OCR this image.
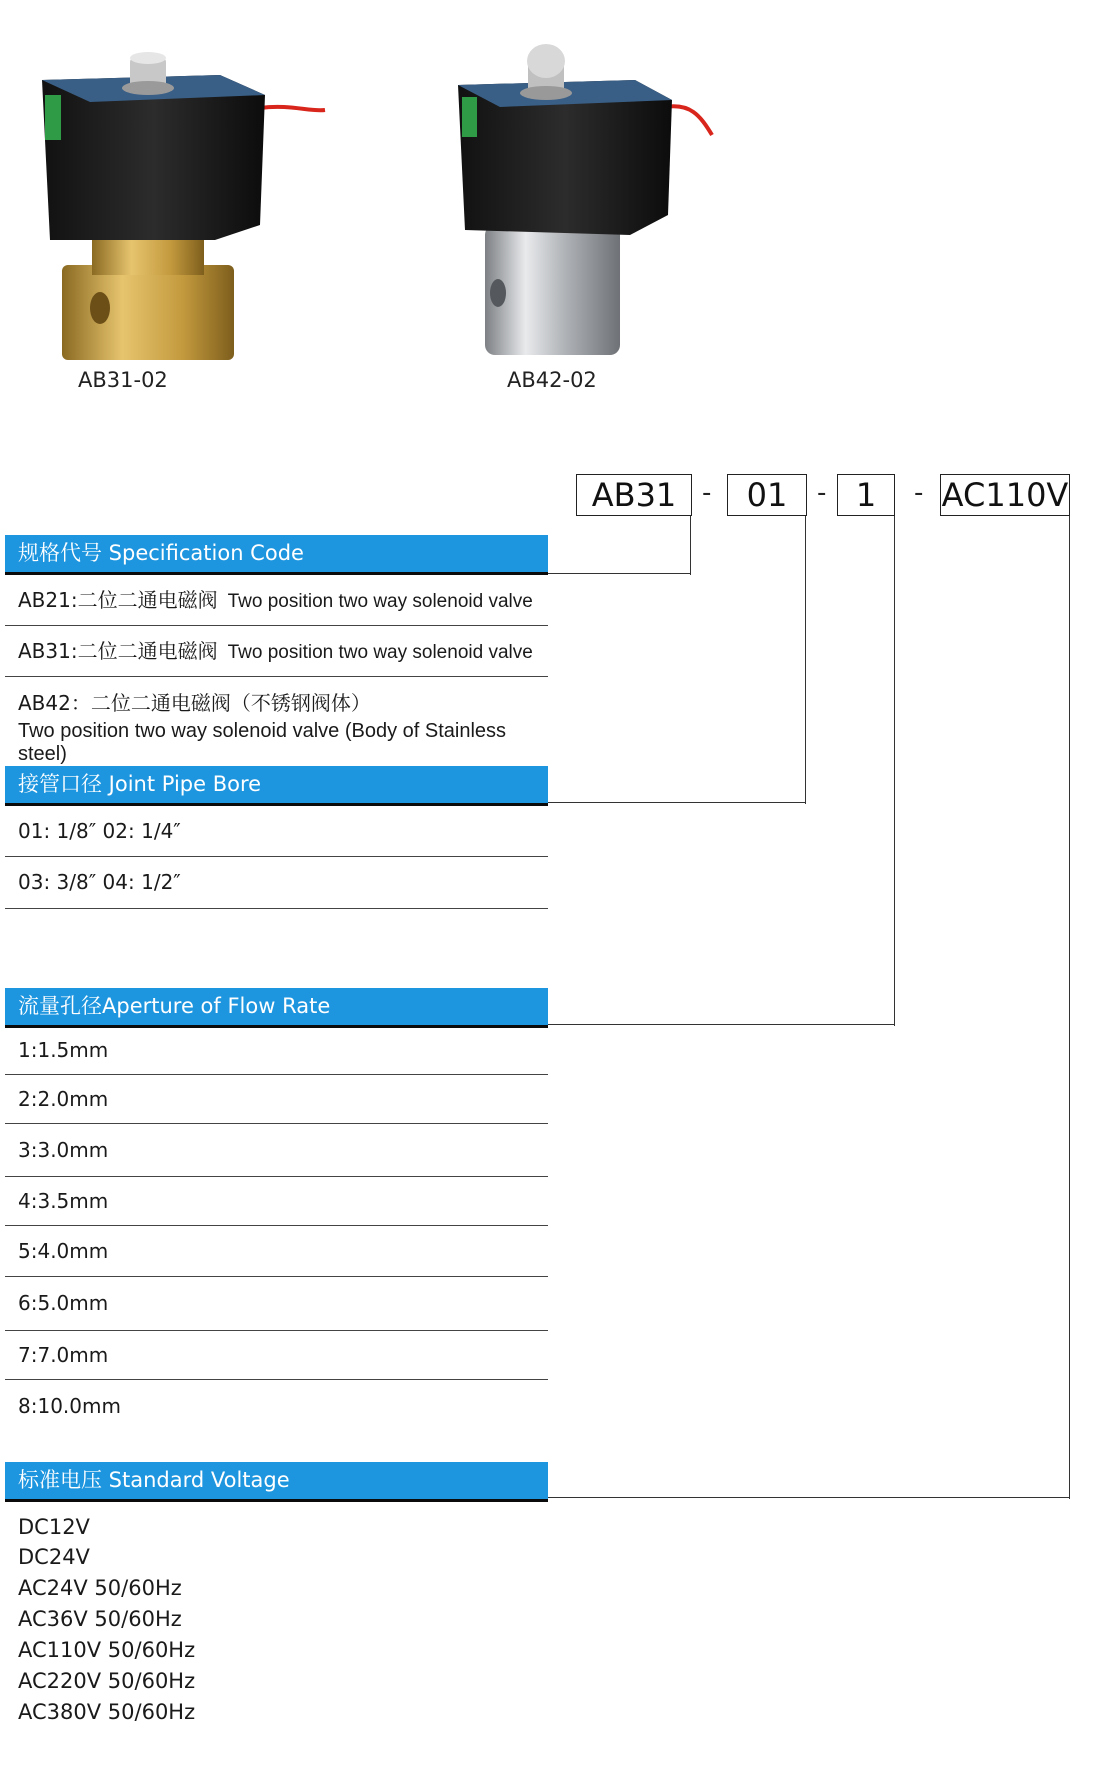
AB31-02	AB42-02
AB31 -	01	- 1	- AC110V
规格代号 Specification Code
AB21:二位二通电磁阀 Two position two way solenoid valve
AB31:二位二通电磁阀 Two position two way solenoid valve
AB42：二位二通电磁阀（不锈钢阀体）
Two position two way solenoid valve (Body of Stainless steel)
接管口径 Joint Pipe Bore
01: 1/8″ 02: 1/4″
03: 3/8″ 04: 1/2″
流量孔径Aperture of Flow Rate
1:1.5mm
2:2.0mm
3:3.0mm
4:3.5mm
5:4.0mm
6:5.0mm
7:7.0mm
8:10.0mm
标准电压 Standard Voltage
DC12V
DC24V
AC24V 50/60Hz
AC36V 50/60Hz
AC110V 50/60Hz
AC220V 50/60Hz
AC380V 50/60Hz
